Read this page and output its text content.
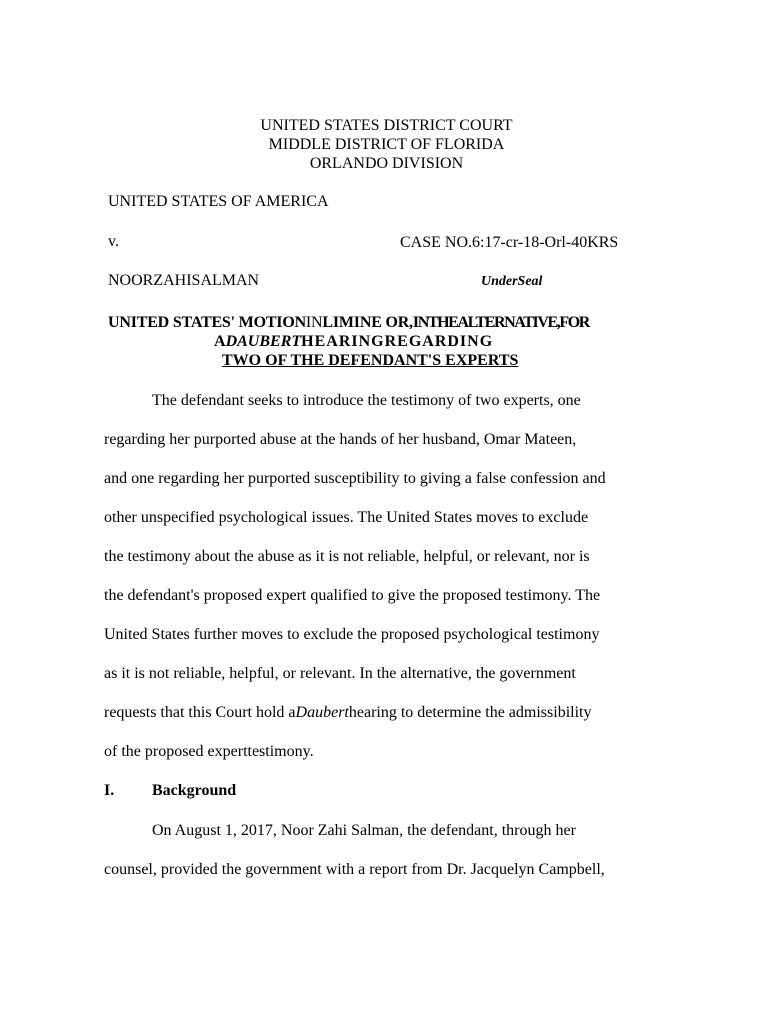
UNITED STATES DISTRICT COURT
MIDDLE DISTRICT OF FLORIDA
ORLANDO DIVISION
UNITED STATES OF AMERICA
v.	CASE NO.6:17-cr-18-Orl-40KRS
NOORZAHISALMAN	UnderSeal
UNITED STATES' MOTIONINLIMINE OR,INTHEALTERNATIVE,FOR
ADAUBERTHEARINGREGARDING
TWO OF THE DEFENDANT'S EXPERTS
The defendant seeks to introduce the testimony of two experts, one
regarding her purported abuse at the hands of her husband, Omar Mateen,
and one regarding her purported susceptibility to giving a false confession and
other unspecified psychological issues. The United States moves to exclude
the testimony about the abuse as it is not reliable, helpful, or relevant, nor is
the defendant's proposed expert qualified to give the proposed testimony. The
United States further moves to exclude the proposed psychological testimony
as it is not reliable, helpful, or relevant. In the alternative, the government
requests that this Court hold aDauberthearing to determine the admissibility
of the proposed experttestimony.
I. Background
On August 1, 2017, Noor Zahi Salman, the defendant, through her
counsel, provided the government with a report from Dr. Jacquelyn Campbell,
